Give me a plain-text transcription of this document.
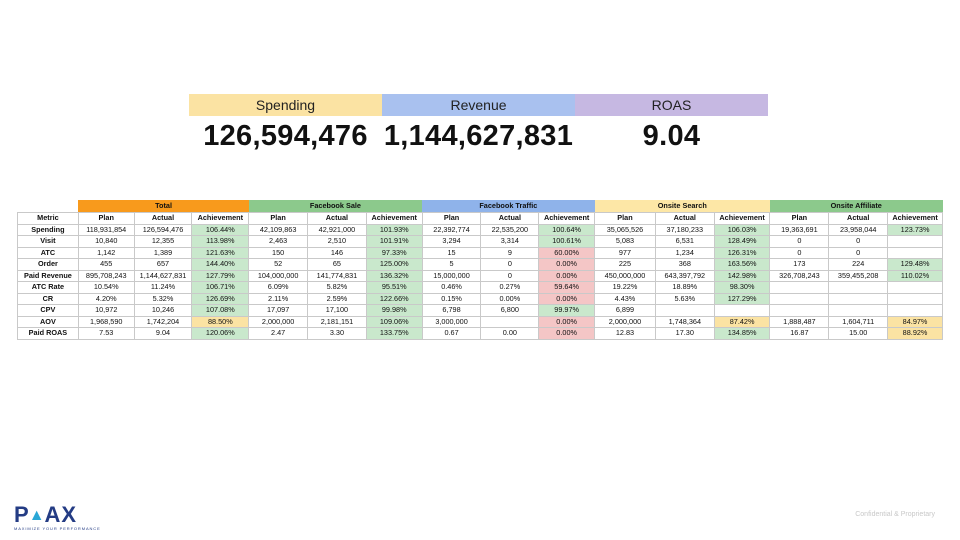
Spending	Revenue	ROAS
126,594,476 1,144,627,831	9.04
	Total			Facebook Sale			Facebook Traffic			Onsite Search			Onsite Affiliate		
Metric	Plan	Actual	Achievement	Plan	Actual	Achievement	Plan	Actual	Achievement	Plan	Actual	Achievement	Plan	Actual	Achievement
Spending	118,931,854	126,594,476	106.44%	42,109,863	42,921,000	101.93%	22,392,774	22,535,200	100.64%	35,065,526	37,180,233	106.03%	19,363,691	23,958,044	123.73%
Visit	10,840	12,355	113.98%	2,463	2,510	101.91%	3,294	3,314	100.61%	5,083	6,531	128.49%	0	0	
ATC	1,142	1,389	121.63%	150	146	97.33%	15	9	60.00%	977	1,234	126.31%	0	0	
Order	455	657	144.40%	52	65	125.00%	5	0	0.00%	225	368	163.56%	173	224	129.48%
Paid Revenue	895,708,243	1,144,627,831	127.79%	104,000,000	141,774,831	136.32%	15,000,000	0	0.00%	450,000,000	643,397,792	142.98%	326,708,243	359,455,208	110.02%
ATC Rate	10.54%	11.24%	106.71%	6.09%	5.82%	95.51%	0.46%	0.27%	59.64%	19.22%	18.89%	98.30%			
CR	4.20%	5.32%	126.69%	2.11%	2.59%	122.66%	0.15%	0.00%	0.00%	4.43%	5.63%	127.29%			
CPV	10,972	10,246	107.08%	17,097	17,100	99.98%	6,798	6,800	99.97%	6,899					
AOV	1,968,590	1,742,204	88.50%	2,000,000	2,181,151	109.06%	3,000,000		0.00%	2,000,000	1,748,364	87.42%	1,888,487	1,604,711	84.97%
Paid ROAS	7.53	9.04	120.06%	2.47	3.30	133.75%	0.67	0.00	0.00%	12.83	17.30	134.85%	16.87	15.00	88.92%
P ▲ AX
MAXIMIZE YOUR PERFORMANCE
Confidential & Proprietary
